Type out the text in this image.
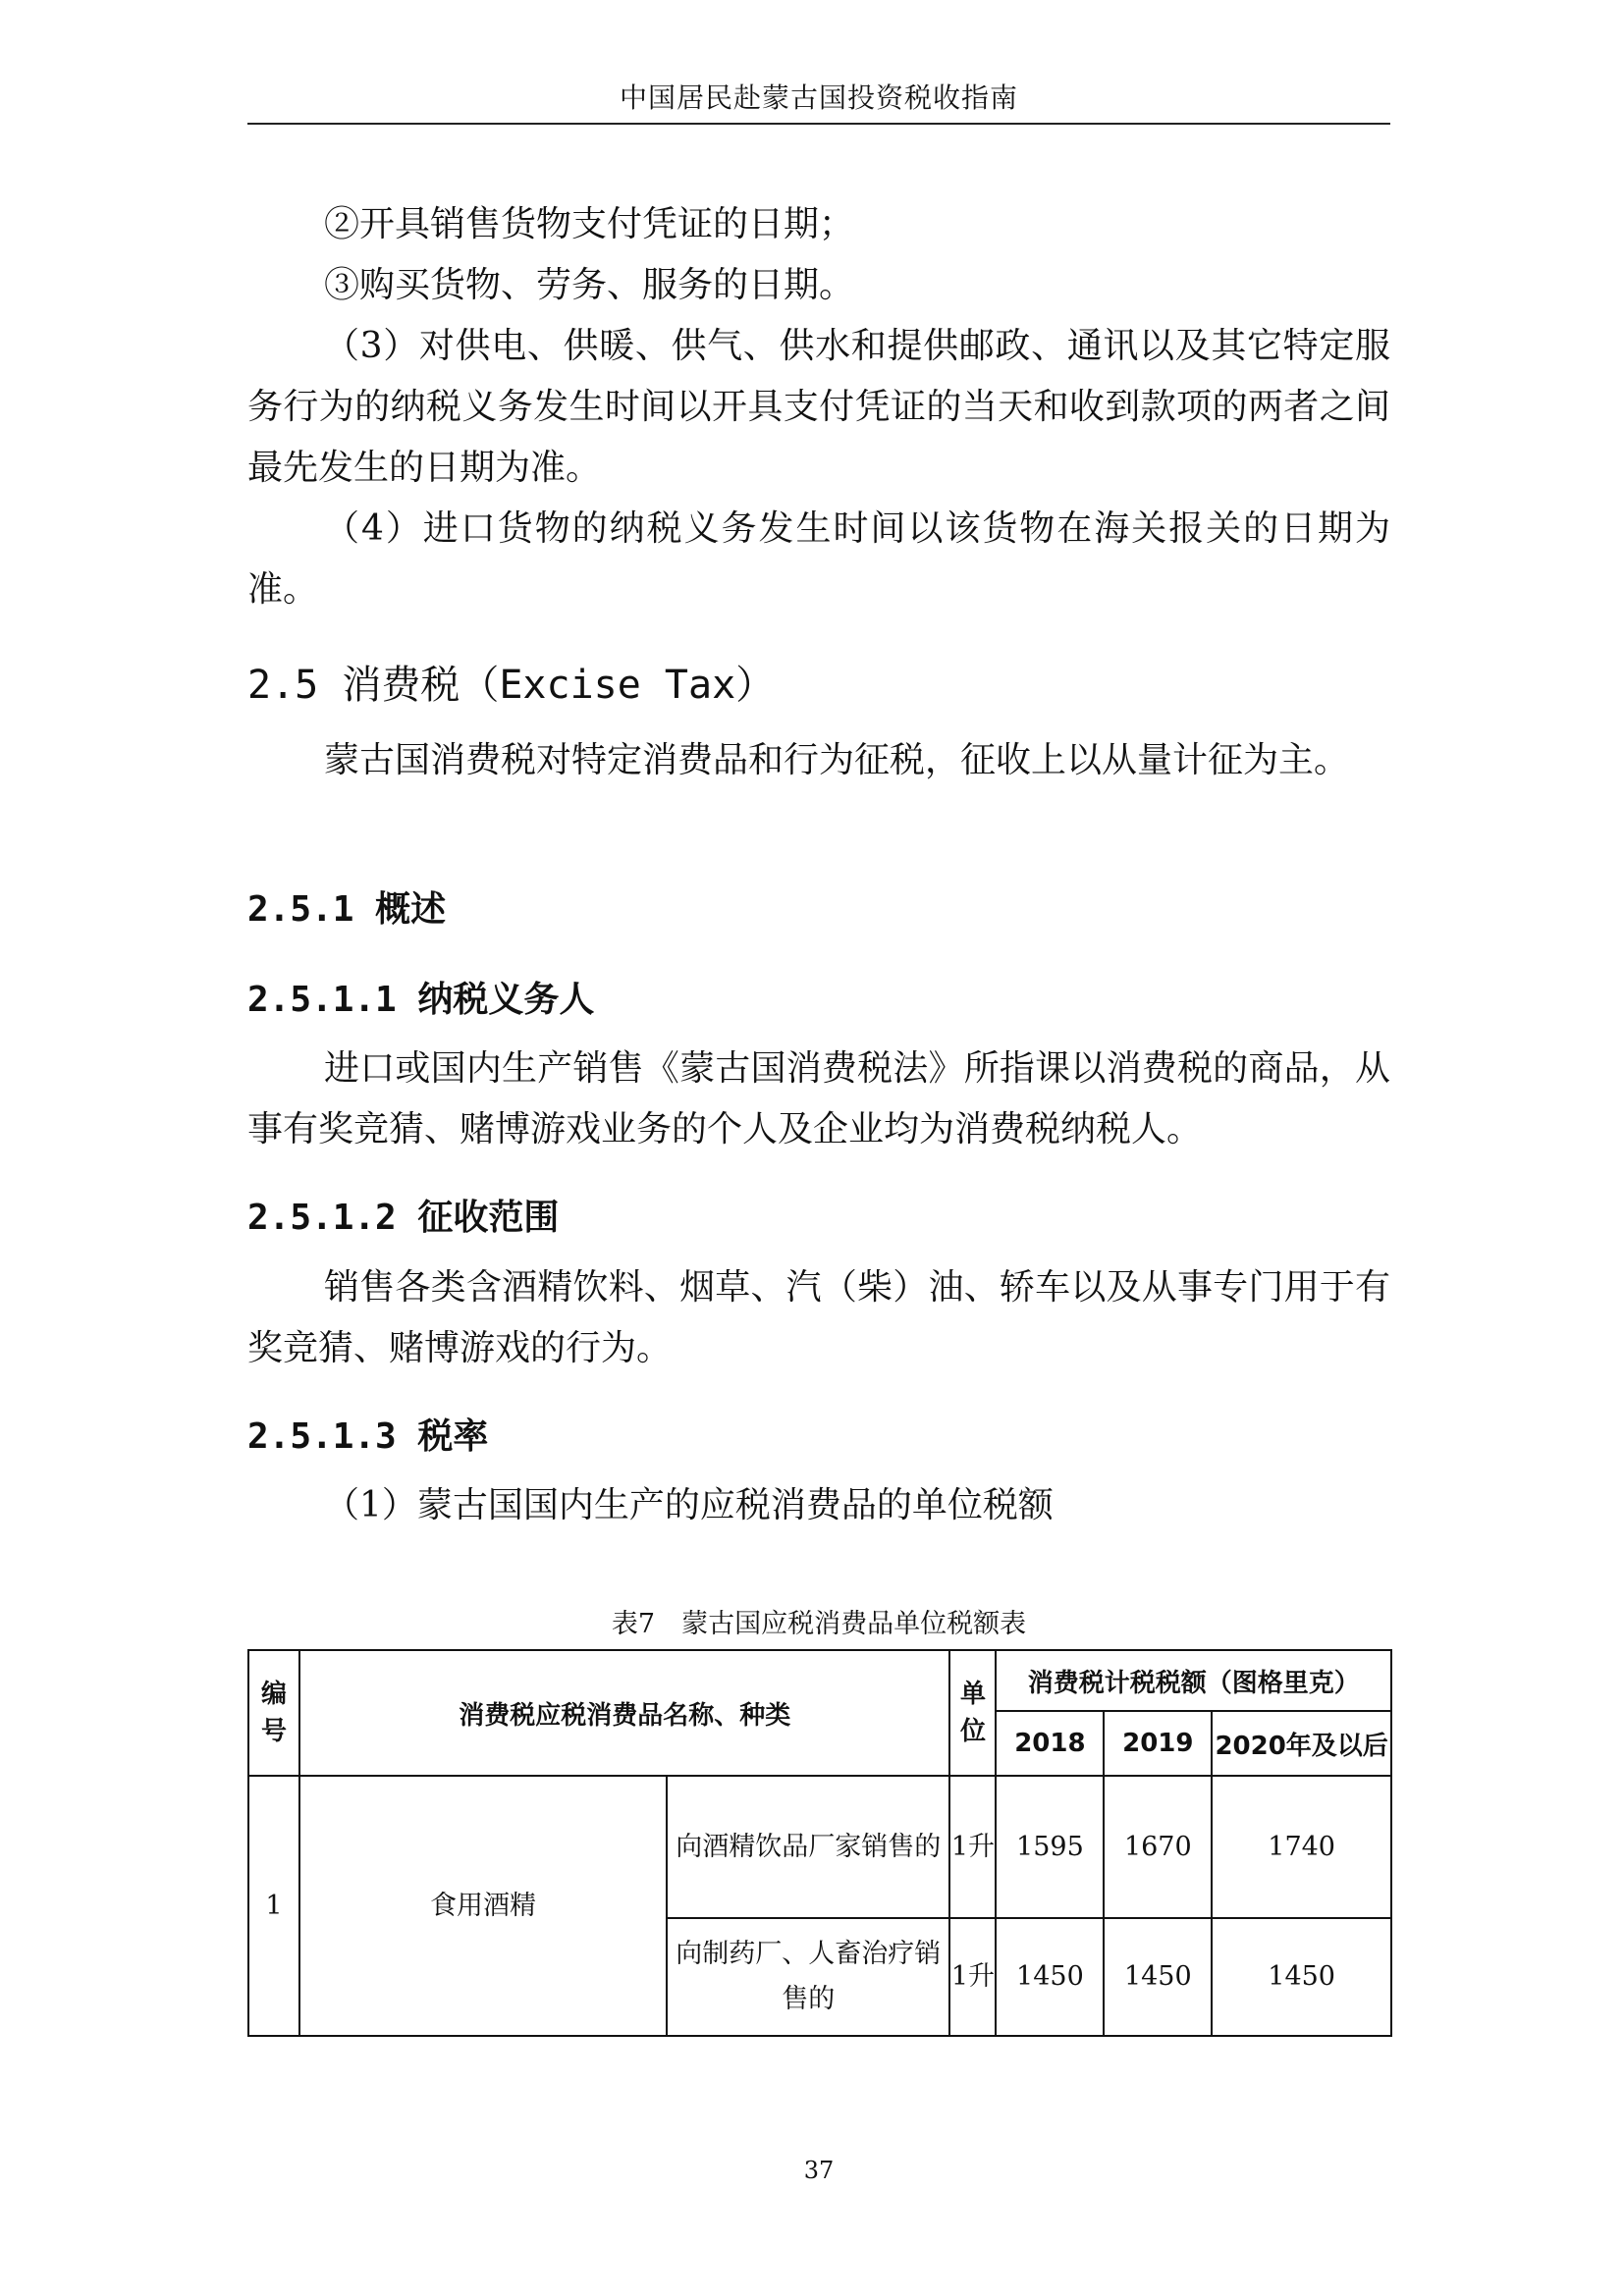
中国居民赴蒙古国投资税收指南

②开具销售货物支付凭证的日期；

③购买货物、劳务、服务的日期。

（3）对供电、供暖、供气、供水和提供邮政、通讯以及其它特定服务行为的纳税义务发生时间以开具支付凭证的当天和收到款项的两者之间最先发生的日期为准。

（4）进口货物的纳税义务发生时间以该货物在海关报关的日期为准。

2.5 消费税（Excise Tax）

蒙古国消费税对特定消费品和行为征税，征收上以从量计征为主。

2.5.1 概述
2.5.1.1 纳税义务人

进口或国内生产销售《蒙古国消费税法》所指课以消费税的商品，从事有奖竞猜、赌博游戏业务的个人及企业均为消费税纳税人。

2.5.1.2 征收范围

销售各类含酒精饮料、烟草、汽（柴）油、轿车以及从事专门用于有奖竞猜、赌博游戏的行为。

2.5.1.3 税率

（1）蒙古国国内生产的应税消费品的单位税额

表7　蒙古国应税消费品单位税额表
编号	消费税应税消费品名称、种类		单位	消费税计税税额（图格里克）		
				2018	2019	2020年及以后
1	食用酒精	向酒精饮品厂家销售的	1升	1595	1670	1740
		向制药厂、人畜治疗销售的	1升	1450	1450	1450
37
